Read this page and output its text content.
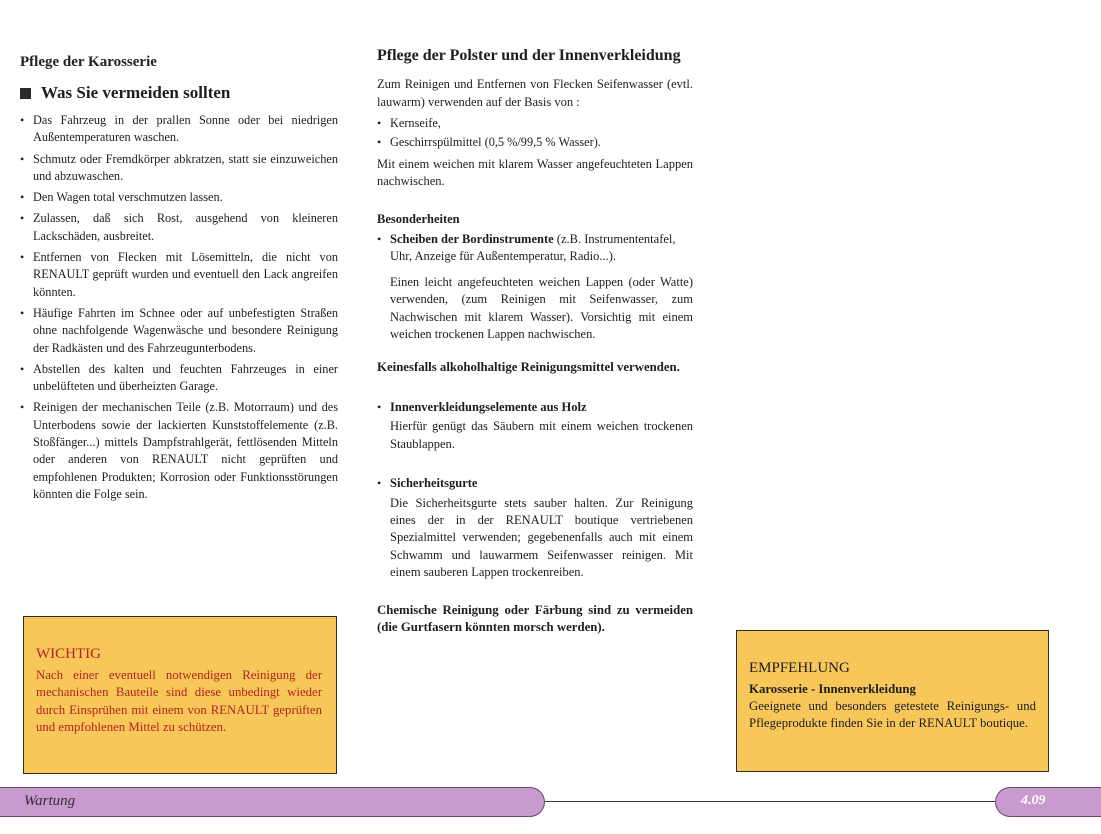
Pflege der Karosserie
Was Sie vermeiden sollten
• Das Fahrzeug in der prallen Sonne oder bei niedrigen Außentemperaturen waschen.
• Schmutz oder Fremdkörper abkratzen, statt sie einzuweichen und abzuwaschen.
• Den Wagen total verschmutzen lassen.
• Zulassen, daß sich Rost, ausgehend von kleineren Lackschäden, ausbreitet.
• Entfernen von Flecken mit Lösemitteln, die nicht von RENAULT geprüft wurden und eventuell den Lack angreifen könnten.
• Häufige Fahrten im Schnee oder auf unbefestigten Straßen ohne nachfolgende Wagenwäsche und besondere Reinigung der Radkästen und des Fahrzeugunterbodens.
• Abstellen des kalten und feuchten Fahrzeuges in einer unbelüfteten und überheizten Garage.
• Reinigen der mechanischen Teile (z.B. Motorraum) und des Unterbodens sowie der lackierten Kunststoffelemente (z.B. Stoßfänger...) mittels Dampfstrahlgerät, fettlösenden Mitteln oder anderen von RENAULT nicht geprüften und empfohlenen Produkten; Korrosion oder Funktionsstörungen könnten die Folge sein.
WICHTIG
Nach einer eventuell notwendigen Reinigung der mechanischen Bauteile sind diese unbedingt wieder durch Einsprühen mit einem von RENAULT geprüften und empfohlenen Mittel zu schützen.
Pflege der Polster und der Innenverkleidung

Zum Reinigen und Entfernen von Flecken Seifenwasser (evtl. lauwarm) verwenden auf der Basis von :

• Kernseife,
• Geschirrspülmittel (0,5 %/99,5 % Wasser).

Mit einem weichen mit klarem Wasser angefeuchteten Lappen nachwischen.

Besonderheiten
• Scheiben der Bordinstrumente (z.B. Instrumententafel, Uhr, Anzeige für Außentemperatur, Radio...).
Einen leicht angefeuchteten weichen Lappen (oder Watte) verwenden, (zum Reinigen mit Seifenwasser, zum Nachwischen mit klarem Wasser). Vorsichtig mit einem weichen trockenen Lappen nachwischen.
Keinesfalls alkoholhaltige Reinigungsmittel verwenden.
• Innenverkleidungselemente aus Holz
Hierfür genügt das Säubern mit einem weichen trockenen Staublappen.
• Sicherheitsgurte
Die Sicherheitsgurte stets sauber halten. Zur Reinigung eines der in der RENAULT boutique vertriebenen Spezialmittel verwenden; gegebenenfalls auch mit einem Schwamm und lauwarmem Seifenwasser reinigen. Mit einem sauberen Lappen trockenreiben.
Chemische Reinigung oder Färbung sind zu vermeiden (die Gurtfasern könnten morsch werden).
EMPFEHLUNG
Karosserie - Innenverkleidung
Geeignete und besonders getestete Reinigungs- und Pflegeprodukte finden Sie in der RENAULT boutique.
Wartung	4.09
